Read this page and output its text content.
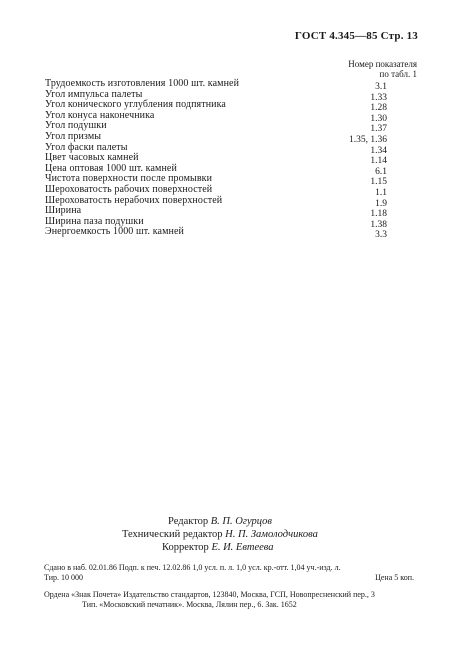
ГОСТ 4.345—85 Стр. 13
Номер показателя
по табл. 1
Трудоемкость изготовления 1000 шт. камней	3.1
Угол импульса палеты	1.33
Угол конического углубления подпятника	1.28
Угол конуса наконечника	1.30
Угол подушки	1.37
Угол призмы	1.35, 1.36
Угол фаски палеты	1.34
Цвет часовых камней	1.14
Цена оптовая 1000 шт. камней	6.1
Чистота поверхности после промывки	1.15
Шероховатость рабочих поверхностей	1.1
Шероховатость нерабочих поверхностей	1.9
Ширина	1.18
Ширина паза подушки	1.38
Энергоемкость 1000 шт. камней	3.3
Редактор В. П. Огурцов
Технический редактор Н. П. Замолодчикова
Корректор Е. И. Евтеева
Сдано в наб. 02.01.86 Подп. к печ. 12.02.86 1,0 усл. п. л. 1,0 усл. кр.-отт. 1,04 уч.-изд. л.
Тир. 10 000	Цена 5 коп.
Ордена «Знак Почета» Издательство стандартов, 123840, Москва, ГСП, Новопресненский пер., 3
Тип. «Московский печатник». Москва, Лялин пер., 6. Зак. 1652
